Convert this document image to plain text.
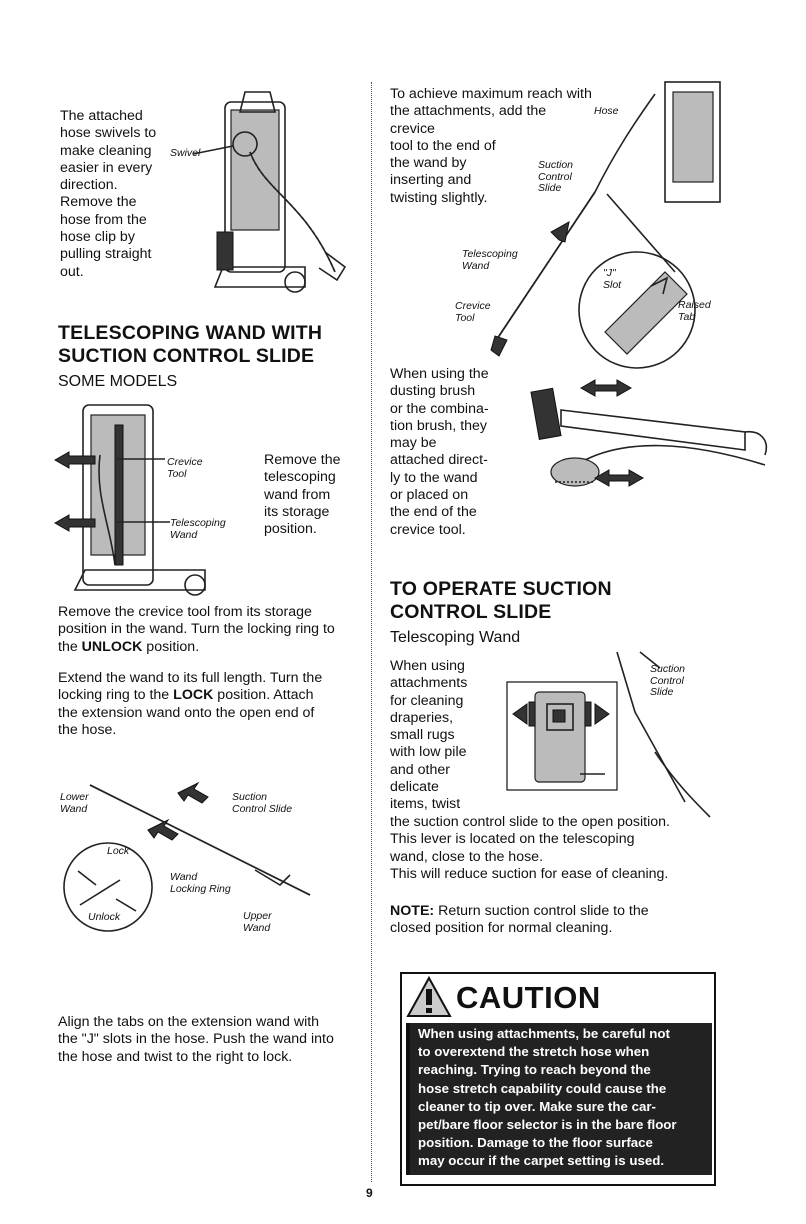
The attached
hose swivels to
make cleaning
easier in every
direction.
Remove the
hose from the
hose clip by
pulling straight
out.
Swivel
TELESCOPING WAND WITH
SUCTION CONTROL SLIDE
SOME MODELS
Crevice
Tool
Telescoping
Wand
Remove the
telescoping
wand from
its storage
position.
Remove the crevice tool from its storage
position in the wand. Turn the locking ring to
the UNLOCK position.
Extend the wand to its full length. Turn the
locking ring to the LOCK position. Attach
the extension wand onto the open end of
the hose.
Lower
Wand
Suction
Control Slide
Lock
Unlock
Wand
Locking Ring
Upper
Wand
Align the tabs on the extension wand with
the "J" slots in the hose. Push the wand into
the hose and twist to the right to lock.
To achieve maximum reach with
the attachments, add the
crevice
tool to the end of
the wand by
inserting and
twisting slightly.
Hose
Suction
Control
Slide
Telescoping
Wand
"J"
Slot
Raised
Tab
Crevice
Tool
When using the
dusting brush
or the combina-
tion brush, they
may be
attached direct-
ly to the wand
or placed on
the end of the
crevice tool.
TO OPERATE SUCTION
CONTROL SLIDE
Telescoping Wand
When using
attachments
for cleaning
draperies,
small rugs
with low pile
and other
delicate
items, twist
Suction
Control
Slide
the suction control slide to the open position.
This lever is located on the telescoping
wand, close to the hose.
This will reduce suction for ease of cleaning.
NOTE: Return suction control slide to the
closed position for normal cleaning.
CAUTION
When using attachments, be careful not
to overextend the stretch hose when
reaching. Trying to reach beyond the
hose stretch capability could cause the
cleaner to tip over. Make sure the car-
pet/bare floor selector is in the bare floor
position. Damage to the floor surface
may occur if the carpet setting is used.
9
